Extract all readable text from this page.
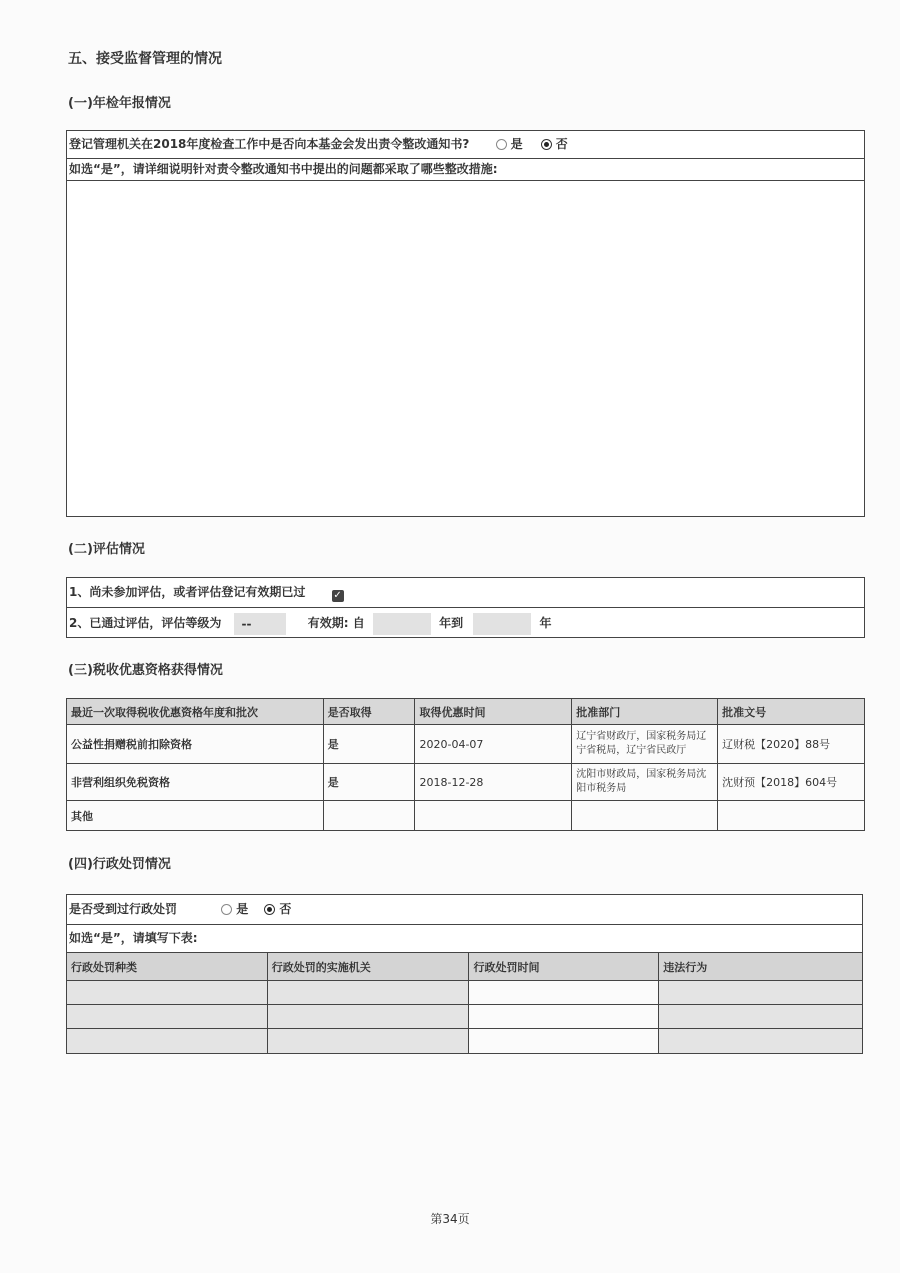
五、接受监督管理的情况
(一)年检年报情况
登记管理机关在2018年度检查工作中是否向本基金会发出责令整改通知书?	是	否
如选“是”，请详细说明针对责令整改通知书中提出的问题都采取了哪些整改措施:
(二)评估情况
1、尚未参加评估，或者评估登记有效期已过	✓
2、已通过评估，评估等级为 --	有效期: 自	年到	年
(三)税收优惠资格获得情况
最近一次取得税收优惠资格年度和批次	是否取得	取得优惠时间	批准部门	批准文号
公益性捐赠税前扣除资格	是	2020-04-07	辽宁省财政厅，国家税务局辽宁省税局，辽宁省民政厅	辽财税【2020】88号
非营利组织免税资格	是	2018-12-28	沈阳市财政局，国家税务局沈阳市税务局	沈财预【2018】604号
其他				
(四)行政处罚情况
是否受到过行政处罚	是	否
如选“是”，请填写下表:
行政处罚种类	行政处罚的实施机关	行政处罚时间	违法行为

第34页
